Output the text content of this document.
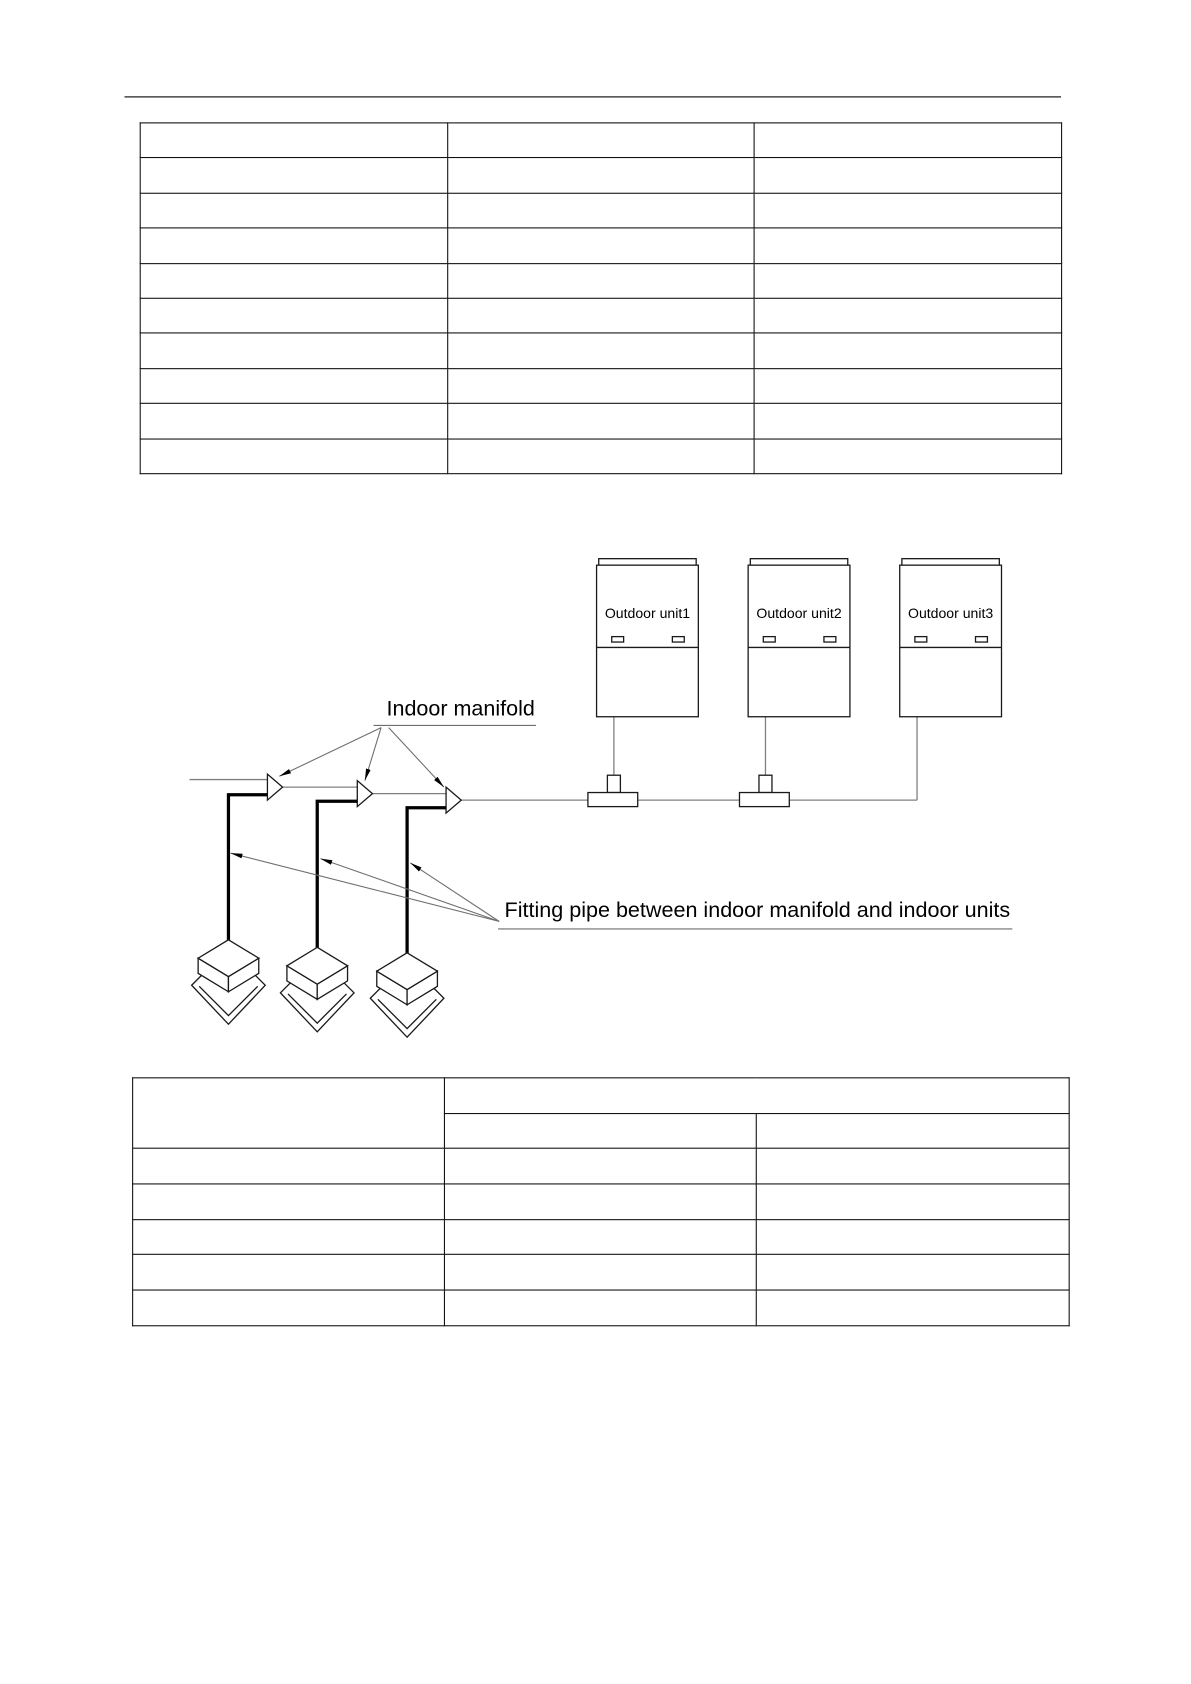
Outdoor unit1	Outdoor unit2	Outdoor unit3
Indoor manifold
Fitting pipe between indoor manifold and indoor units
